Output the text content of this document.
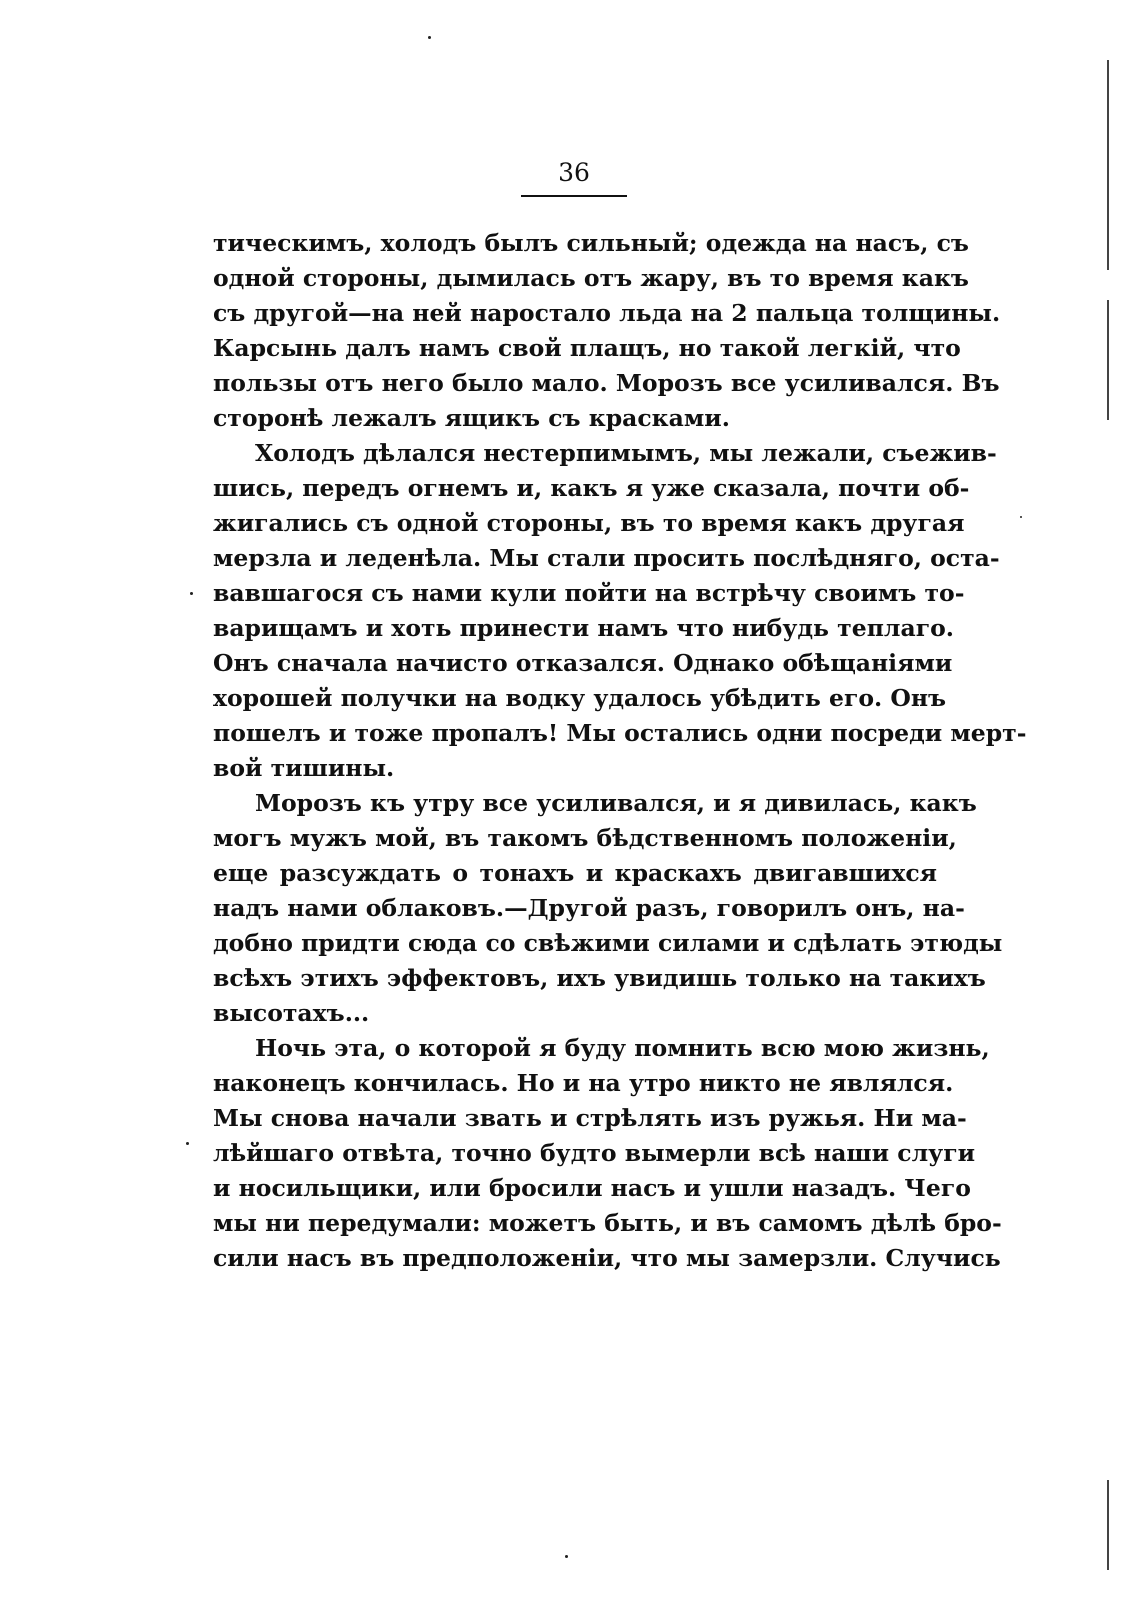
36
тическимъ, холодъ былъ сильный; одежда на насъ, съ
одной стороны, дымилась отъ жару, въ то время какъ
съ другой—на ней наростало льда на 2 пальца толщины.
Карсынь далъ намъ свой плащъ, но такой легкій, что
пользы отъ него было мало. Морозъ все усиливался. Въ
сторонѣ лежалъ ящикъ съ красками.
Холодъ дѣлался нестерпимымъ, мы лежали, съежив-
шись, передъ огнемъ и, какъ я уже сказала, почти об-
жигались съ одной стороны, въ то время какъ другая
мерзла и леденѣла. Мы стали просить послѣдняго, оста-
вавшагося съ нами кули пойти на встрѣчу своимъ то-
варищамъ и хоть принести намъ что нибудь теплаго.
Онъ сначала начисто отказался. Однако обѣщаніями
хорошей получки на водку удалось убѣдить его. Онъ
пошелъ и тоже пропалъ! Мы остались одни посреди мерт-
вой тишины.
Морозъ къ утру все усиливался, и я дивилась, какъ
могъ мужъ мой, въ такомъ бѣдственномъ положеніи,
еще разсуждать о тонахъ и краскахъ двигавшихся
надъ нами облаковъ.—Другой разъ, говорилъ онъ, на-
добно придти сюда со свѣжими силами и сдѣлать этюды
всѣхъ этихъ эффектовъ, ихъ увидишь только на такихъ
высотахъ...
Ночь эта, о которой я буду помнить всю мою жизнь,
наконецъ кончилась. Но и на утро никто не являлся.
Мы снова начали звать и стрѣлять изъ ружья. Ни ма-
лѣйшаго отвѣта, точно будто вымерли всѣ наши слуги
и носильщики, или бросили насъ и ушли назадъ. Чего
мы ни передумали: можетъ быть, и въ самомъ дѣлѣ бро-
сили насъ въ предположеніи, что мы замерзли. Случись
